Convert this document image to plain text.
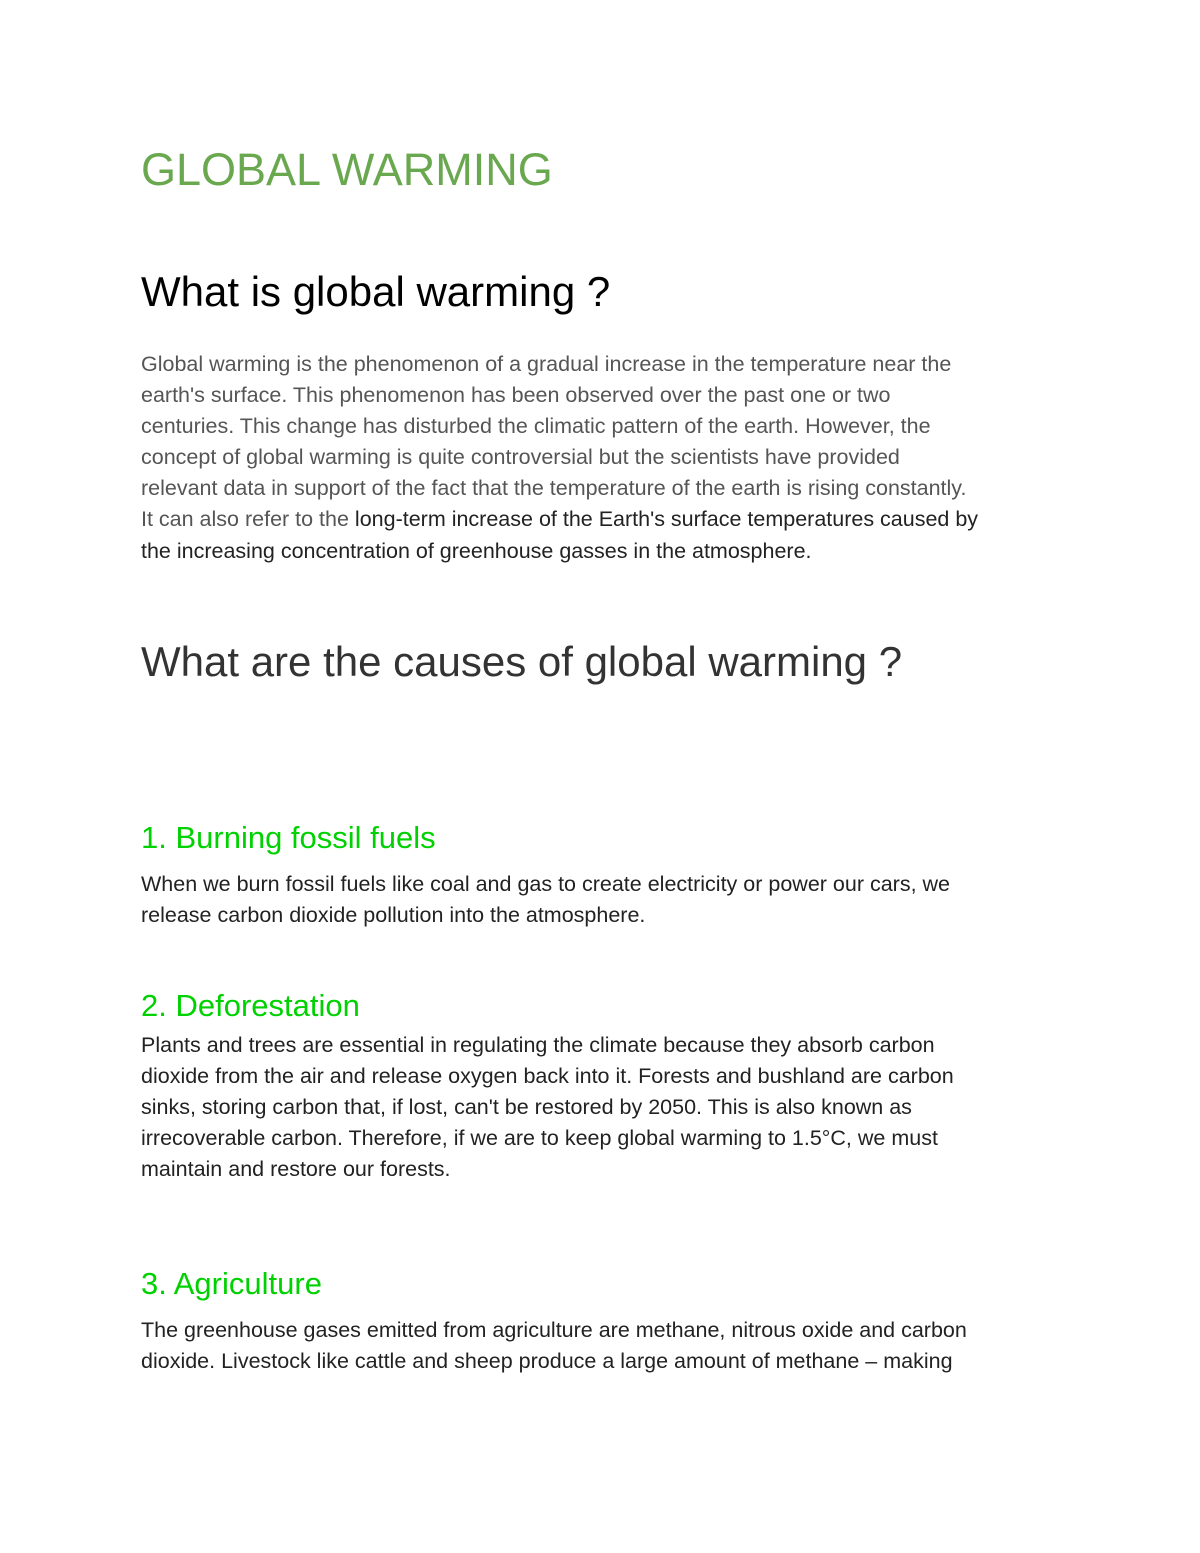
GLOBAL WARMING
What is global warming ?

Global warming is the phenomenon of a gradual increase in the temperature near the
earth's surface. This phenomenon has been observed over the past one or two
centuries. This change has disturbed the climatic pattern of the earth. However, the
concept of global warming is quite controversial but the scientists have provided
relevant data in support of the fact that the temperature of the earth is rising constantly.
It can also refer to the long-term increase of the Earth's surface temperatures caused by
the increasing concentration of greenhouse gasses in the atmosphere.

What are the causes of global warming ?
1. Burning fossil fuels

When we burn fossil fuels like coal and gas to create electricity or power our cars, we
release carbon dioxide pollution into the atmosphere.

2. Deforestation

Plants and trees are essential in regulating the climate because they absorb carbon
dioxide from the air and release oxygen back into it. Forests and bushland are carbon
sinks, storing carbon that, if lost, can't be restored by 2050. This is also known as
irrecoverable carbon. Therefore, if we are to keep global warming to 1.5°C, we must
maintain and restore our forests.

3. Agriculture

The greenhouse gases emitted from agriculture are methane, nitrous oxide and carbon
dioxide. Livestock like cattle and sheep produce a large amount of methane – making
